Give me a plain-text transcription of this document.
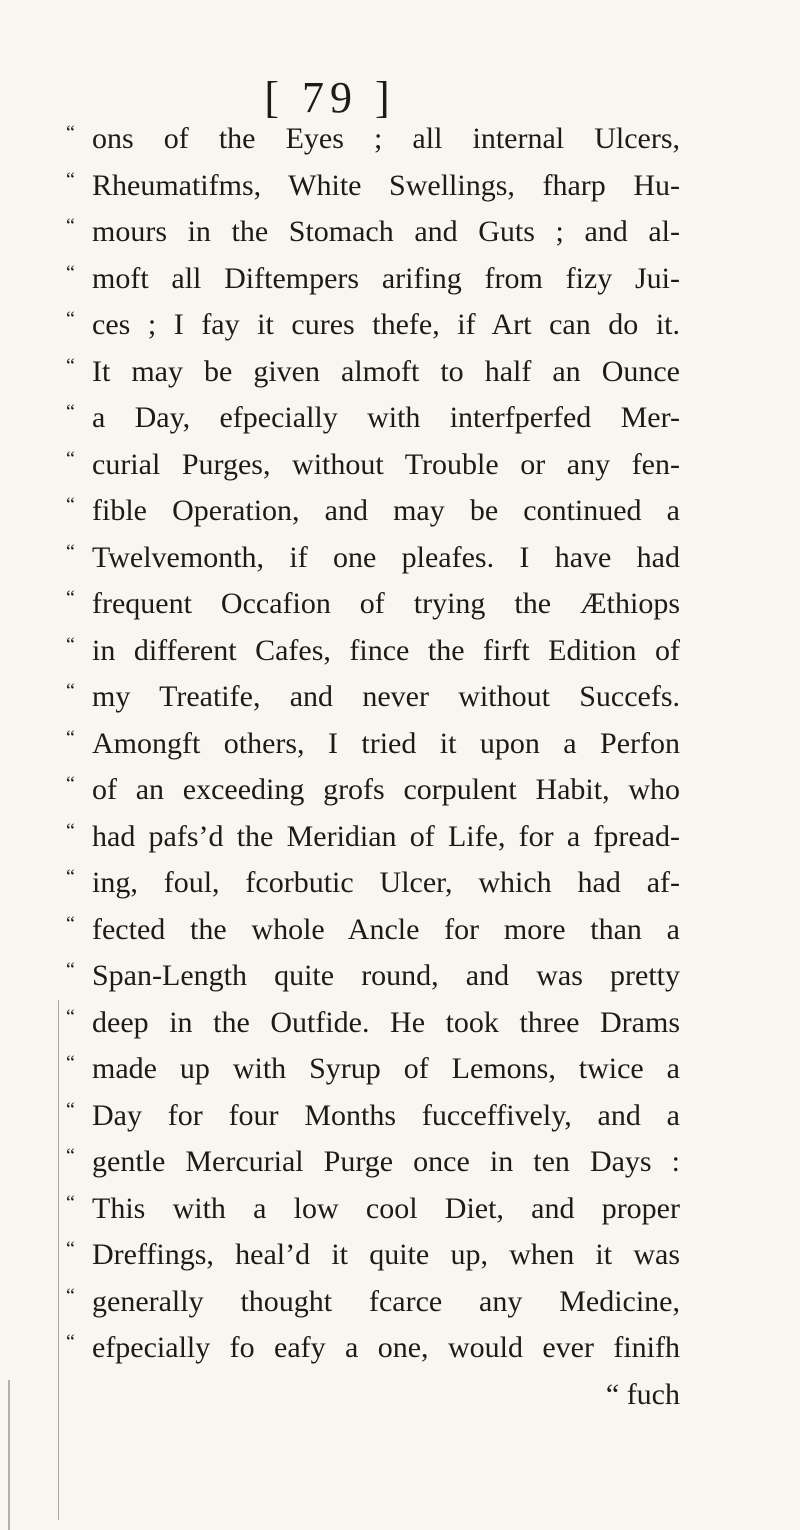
[ 79 ]
“ ons of the Eyes ; all internal Ulcers,
“ Rheumatifms, White Swellings, fharp Hu-
“ mours in the Stomach and Guts ; and al-
“ moft all Diftempers arifing from fizy Jui-
“ ces ; I fay it cures thefe, if Art can do it.
“ It may be given almoft to half an Ounce
“ a Day, efpecially with interfperfed Mer-
“ curial Purges, without Trouble or any fen-
“ fible Operation, and may be continued a
“ Twelvemonth, if one pleafes. I have had
“ frequent Occafion of trying the Æthiops
“ in different Cafes, fince the firft Edition of
“ my Treatife, and never without Succefs.
“ Amongft others, I tried it upon a Perfon
“ of an exceeding grofs corpulent Habit, who
“ had pafs’d the Meridian of Life, for a fpread-
“ ing, foul, fcorbutic Ulcer, which had af-
“ fected the whole Ancle for more than a
“ Span-Length quite round, and was pretty
“ deep in the Outfide. He took three Drams
“ made up with Syrup of Lemons, twice a
“ Day for four Months fucceffively, and a
“ gentle Mercurial Purge once in ten Days :
“ This with a low cool Diet, and proper
“ Dreffings, heal’d it quite up, when it was
“ generally thought fcarce any Medicine,
“ efpecially fo eafy a one, would ever finifh
“ fuch
